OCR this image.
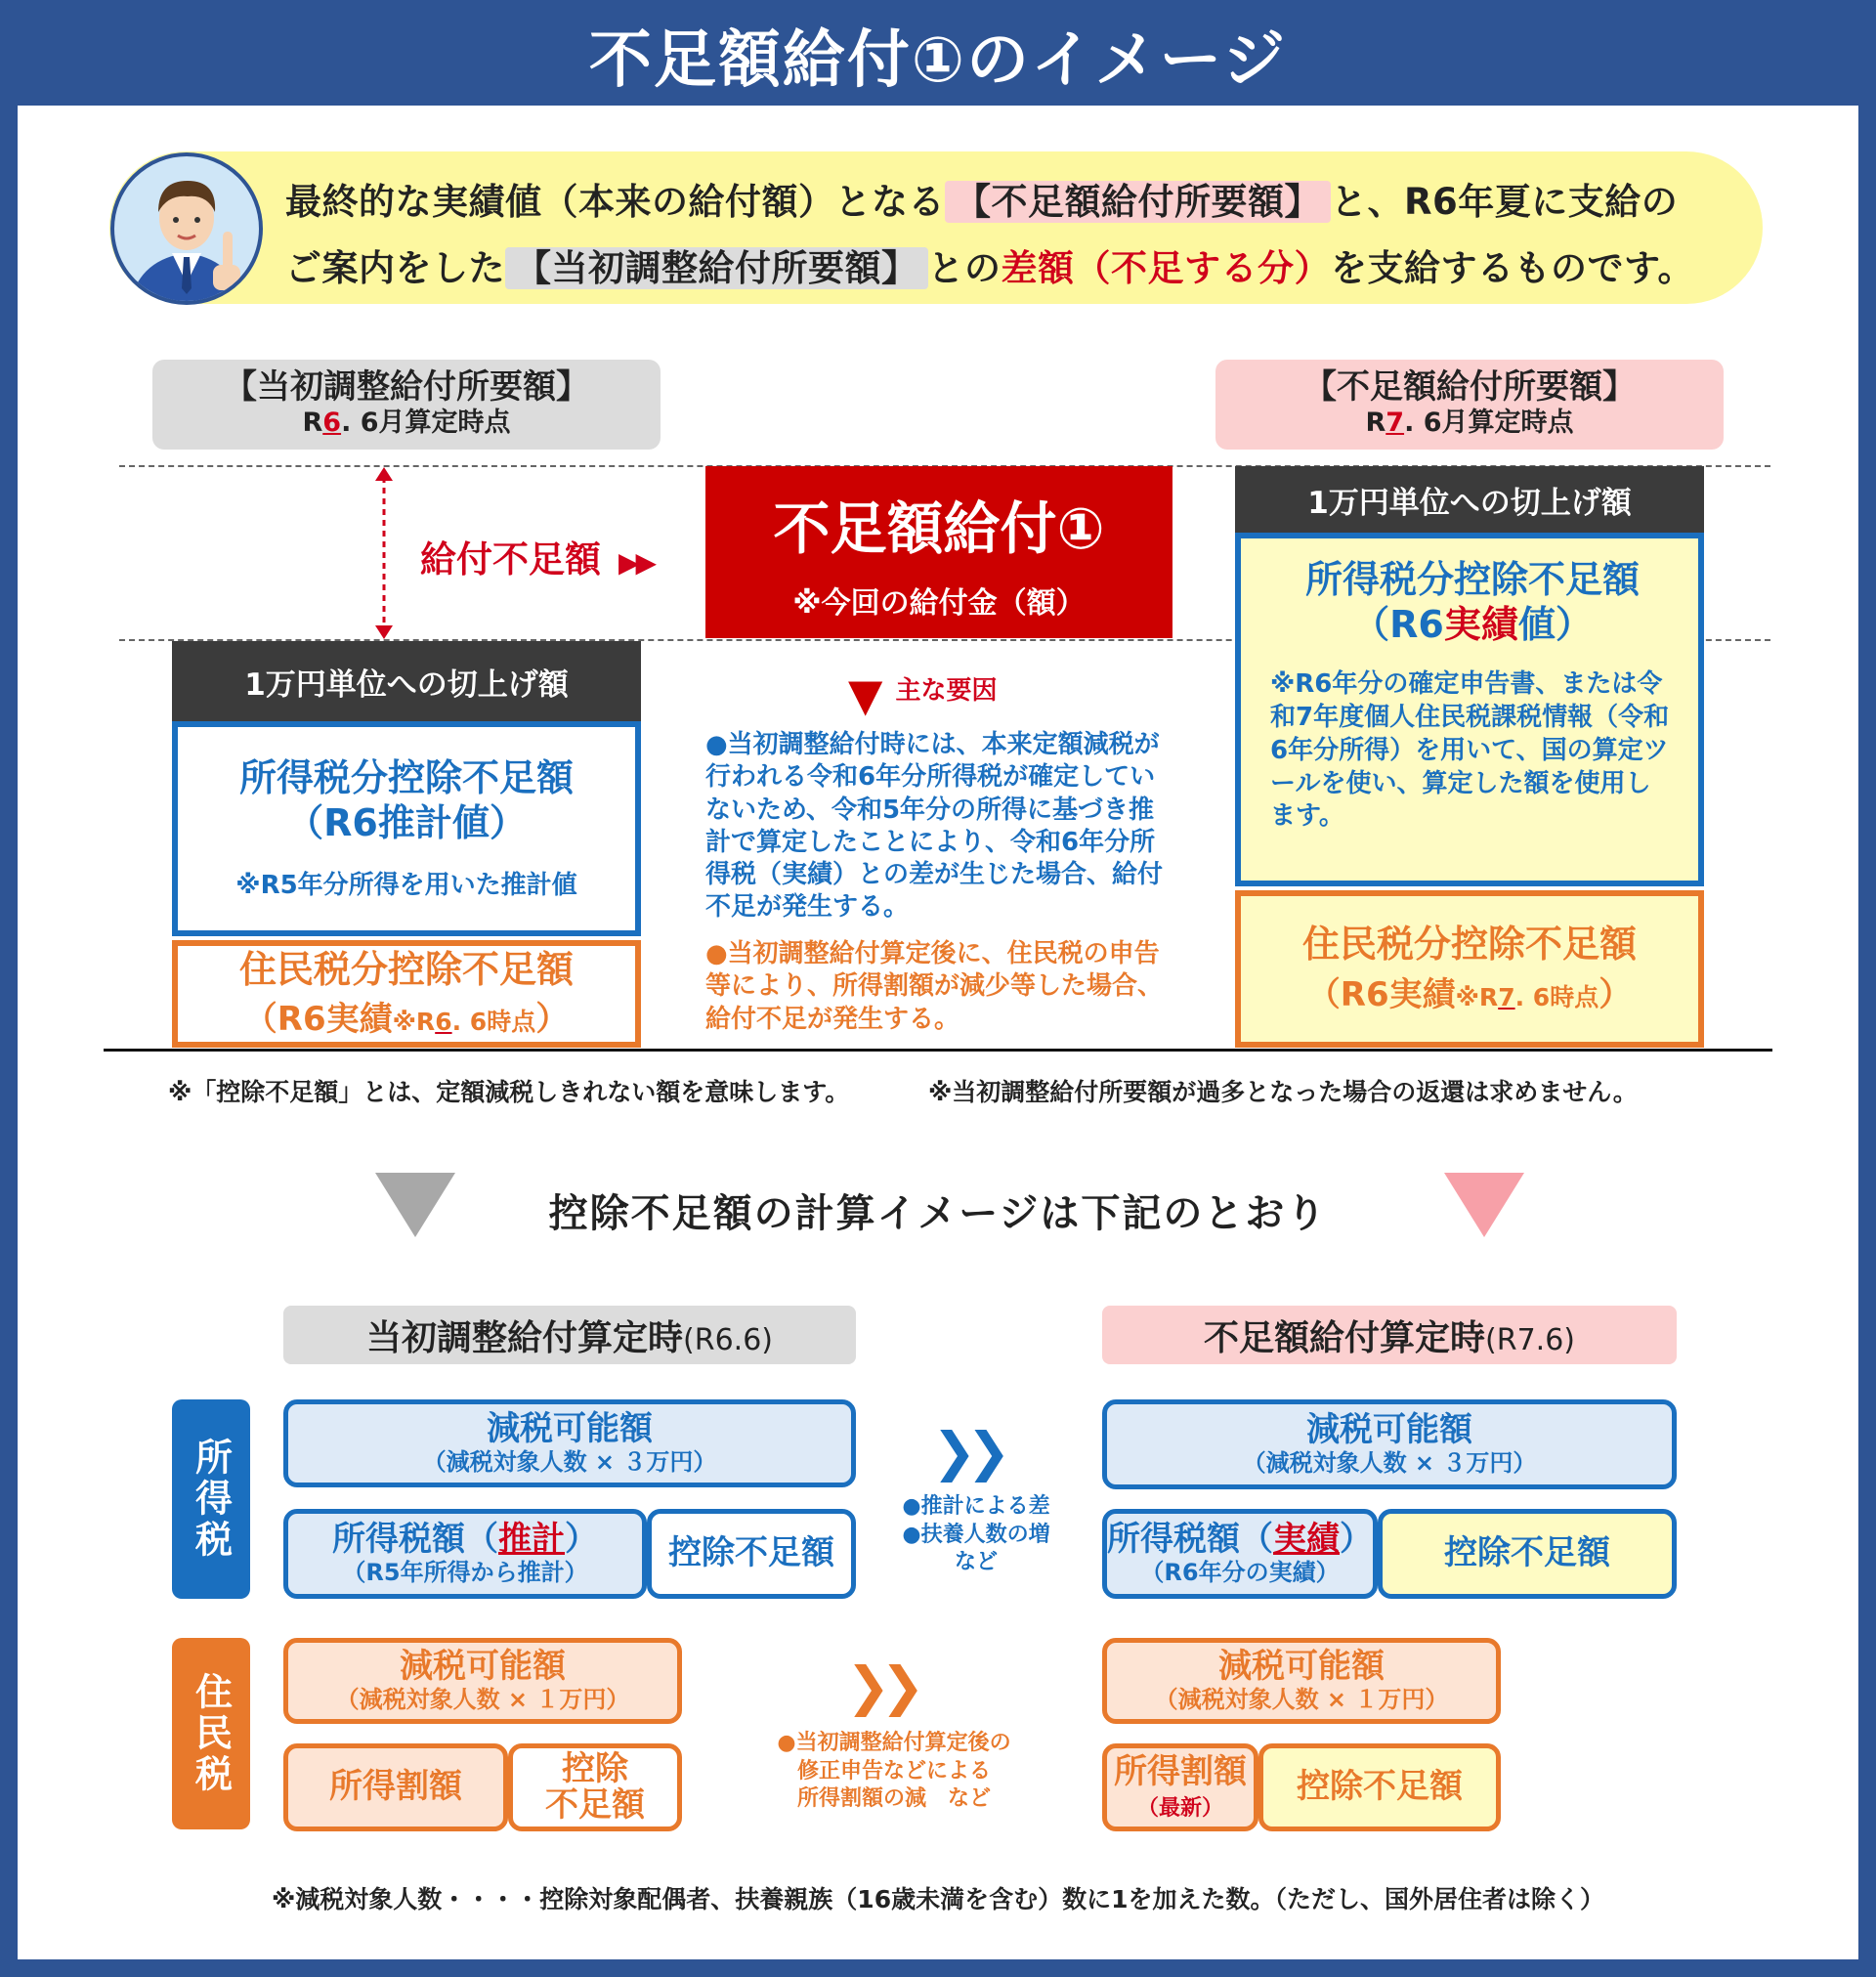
不足額給付①のイメージ
最終的な実績値（本来の給付額）となる 【不足額給付所要額】 と、R6年夏に支給の
ご案内をした 【当初調整給付所要額】 との差額（不足する分）を支給するものです。
【当初調整給付所要額】
R6. 6月算定時点
【不足額給付所要額】
R7. 6月算定時点
給付不足額 ▶▶
不足額給付①
※今回の給付金（額）
▼ 主な要因
●当初調整給付時には、本来定額減税が行われる令和6年分所得税が確定していないため、令和5年分の所得に基づき推計で算定したことにより、令和6年分所得税（実績）との差が生じた場合、給付不足が発生する。
●当初調整給付算定後に、住民税の申告等により、所得割額が減少等した場合、給付不足が発生する。
1万円単位への切上げ額
所得税分控除不足額
（R6推計値）
※R5年分所得を用いた推計値
住民税分控除不足額
（R6実績※R6. 6時点）
1万円単位への切上げ額
所得税分控除不足額
（R6実績値）
※R6年分の確定申告書、または令和7年度個人住民税課税情報（令和6年分所得）を用いて、国の算定ツールを使い、算定した額を使用します。
住民税分控除不足額
（R6実績※R7. 6時点）
※「控除不足額」とは、定額減税しきれない額を意味します。	※当初調整給付所要額が過多となった場合の返還は求めません。
控除不足額の計算イメージは下記のとおり
当初調整給付算定時(R6.6)	不足額給付算定時(R7.6)
所得税
住民税
減税可能額
（減税対象人数 × ３万円）
所得税額（推計）
（R5年所得から推計） 控除不足額
❯❯
●推計による差
●扶養人数の増
など
減税可能額
（減税対象人数 × ３万円）
所得税額（実績）
（R6年分の実績）	控除不足額
減税可能額
（減税対象人数 × １万円）
所得割額	控除
不足額
❯❯
●当初調整給付算定後の
修正申告などによる
所得割額の減　など
減税可能額
（減税対象人数 × １万円）
所得割額
（最新）
控除不足額
※減税対象人数・・・・控除対象配偶者、扶養親族（16歳未満を含む）数に1を加えた数。（ただし、国外居住者は除く）
